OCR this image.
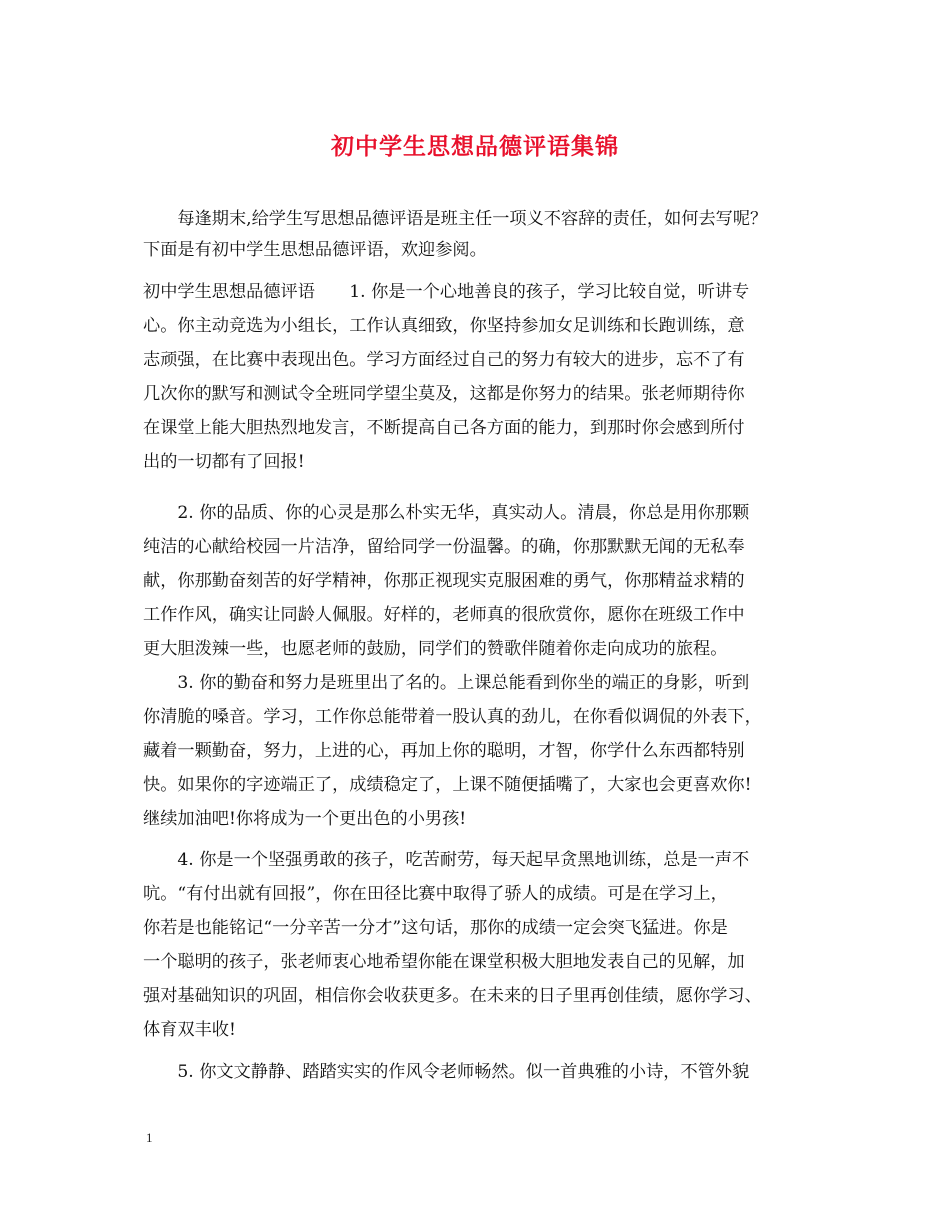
初中学生思想品德评语集锦
　　每逢期末,给学生写思想品德评语是班主任一项义不容辞的责任，如何去写呢？
下面是有初中学生思想品德评语，欢迎参阅。
初中学生思想品德评语　　1. 你是一个心地善良的孩子，学习比较自觉，听讲专
心。你主动竞选为小组长，工作认真细致，你坚持参加女足训练和长跑训练，意
志顽强，在比赛中表现出色。学习方面经过自己的努力有较大的进步，忘不了有
几次你的默写和测试令全班同学望尘莫及，这都是你努力的结果。张老师期待你
在课堂上能大胆热烈地发言，不断提高自己各方面的能力，到那时你会感到所付
出的一切都有了回报!
　　2. 你的品质、你的心灵是那么朴实无华，真实动人。清晨，你总是用你那颗
纯洁的心献给校园一片洁净，留给同学一份温馨。的确，你那默默无闻的无私奉
献，你那勤奋刻苦的好学精神，你那正视现实克服困难的勇气，你那精益求精的
工作作风，确实让同龄人佩服。好样的，老师真的很欣赏你，愿你在班级工作中
更大胆泼辣一些，也愿老师的鼓励，同学们的赞歌伴随着你走向成功的旅程。
　　3. 你的勤奋和努力是班里出了名的。上课总能看到你坐的端正的身影，听到
你清脆的嗓音。学习，工作你总能带着一股认真的劲儿，在你看似调侃的外表下，
藏着一颗勤奋，努力，上进的心，再加上你的聪明，才智，你学什么东西都特别
快。如果你的字迹端正了，成绩稳定了，上课不随便插嘴了，大家也会更喜欢你!
继续加油吧!你将成为一个更出色的小男孩!
　　4. 你是一个坚强勇敢的孩子，吃苦耐劳，每天起早贪黑地训练，总是一声不
吭。“有付出就有回报”，你在田径比赛中取得了骄人的成绩。可是在学习上，
你若是也能铭记“一分辛苦一分才”这句话，那你的成绩一定会突飞猛进。你是
一个聪明的孩子，张老师衷心地希望你能在课堂积极大胆地发表自己的见解，加
强对基础知识的巩固，相信你会收获更多。在未来的日子里再创佳绩，愿你学习、
体育双丰收!
　　5. 你文文静静、踏踏实实的作风令老师畅然。似一首典雅的小诗，不管外貌
1
